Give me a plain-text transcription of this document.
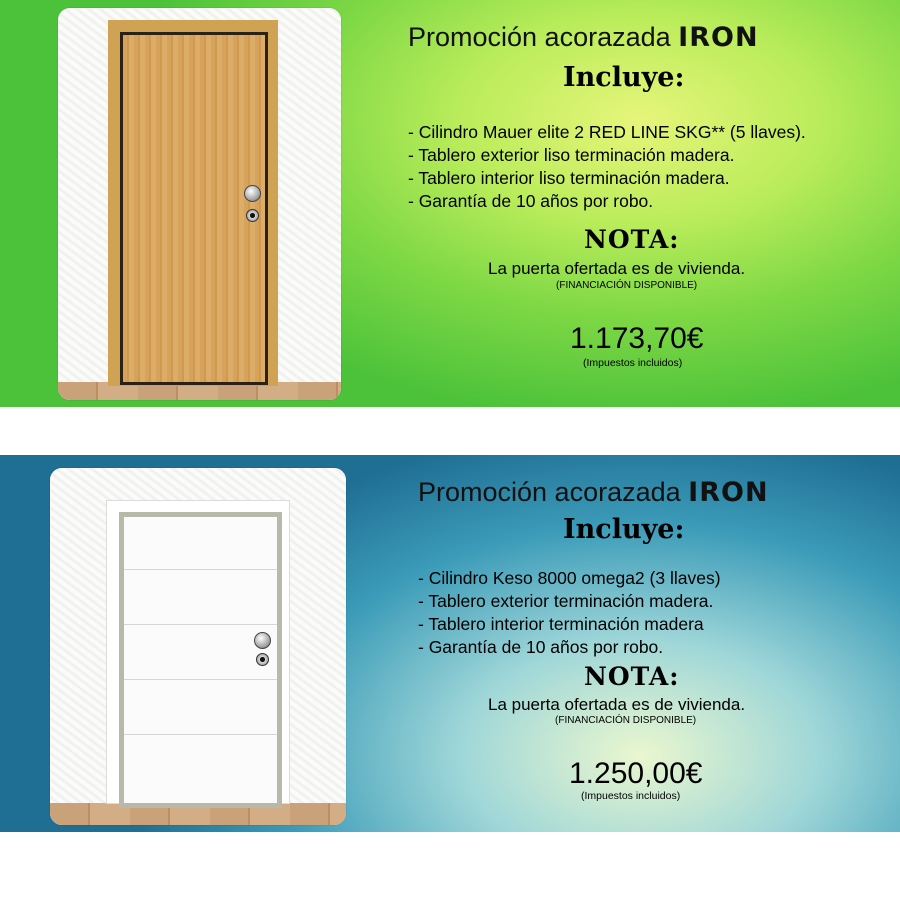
Promoción acorazada IRON
Incluye:
- Cilindro Mauer elite 2 RED LINE SKG** (5 llaves).
- Tablero exterior liso terminación madera.
- Tablero interior liso terminación madera.
- Garantía de 10 años por robo.
NOTA:
La puerta ofertada es de vivienda.
(FINANCIACIÓN DISPONIBLE)
1.173,70€
(Impuestos incluidos)
Promoción acorazada IRON
Incluye:
- Cilindro Keso 8000 omega2 (3 llaves)
- Tablero exterior terminación madera.
- Tablero interior terminación madera
- Garantía de 10 años por robo.
NOTA:
La puerta ofertada es de vivienda.
(FINANCIACIÓN DISPONIBLE)
1.250,00€
(Impuestos incluidos)
